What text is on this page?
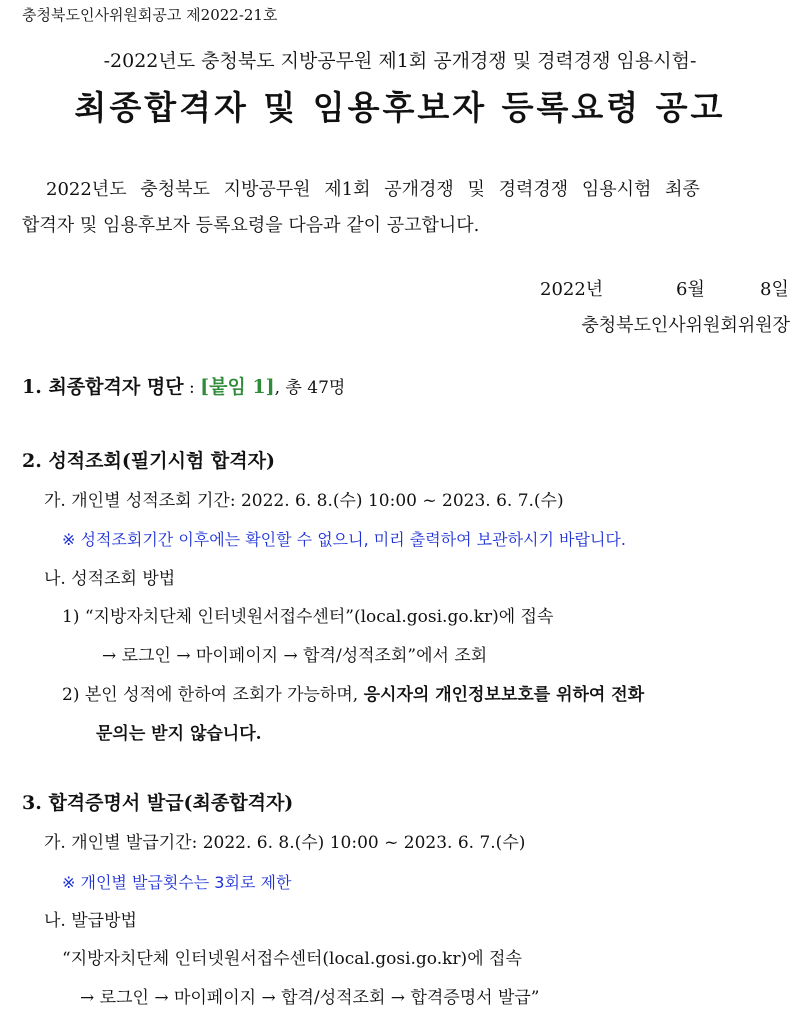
충청북도인사위원회공고 제2022-21호
-2022년도 충청북도 지방공무원 제1회 공개경쟁 및 경력경쟁 임용시험-
최종합격자 및 임용후보자 등록요령 공고
2022년도 충청북도 지방공무원 제1회 공개경쟁 및 경력경쟁 임용시험 최종
합격자 및 임용후보자 등록요령을 다음과 같이 공고합니다.
2022년	6월	8일
충청북도인사위원회위원장
1. 최종합격자 명단 : [붙임 1], 총 47명
2. 성적조회(필기시험 합격자)
가. 개인별 성적조회 기간: 2022. 6. 8.(수) 10:00 ~ 2023. 6. 7.(수)
※ 성적조회기간 이후에는 확인할 수 없으니, 미리 출력하여 보관하시기 바랍니다.
나. 성적조회 방법
1) “지방자치단체 인터넷원서접수센터”(local.gosi.go.kr)에 접속
→ 로그인 → 마이페이지 → 합격/성적조회”에서 조회
2) 본인 성적에 한하여 조회가 가능하며, 응시자의 개인정보보호를 위하여 전화
문의는 받지 않습니다.
3. 합격증명서 발급(최종합격자)
가. 개인별 발급기간: 2022. 6. 8.(수) 10:00 ~ 2023. 6. 7.(수)
※ 개인별 발급횟수는 3회로 제한
나. 발급방법
“지방자치단체 인터넷원서접수센터(local.gosi.go.kr)에 접속
→ 로그인 → 마이페이지 → 합격/성적조회 → 합격증명서 발급”
